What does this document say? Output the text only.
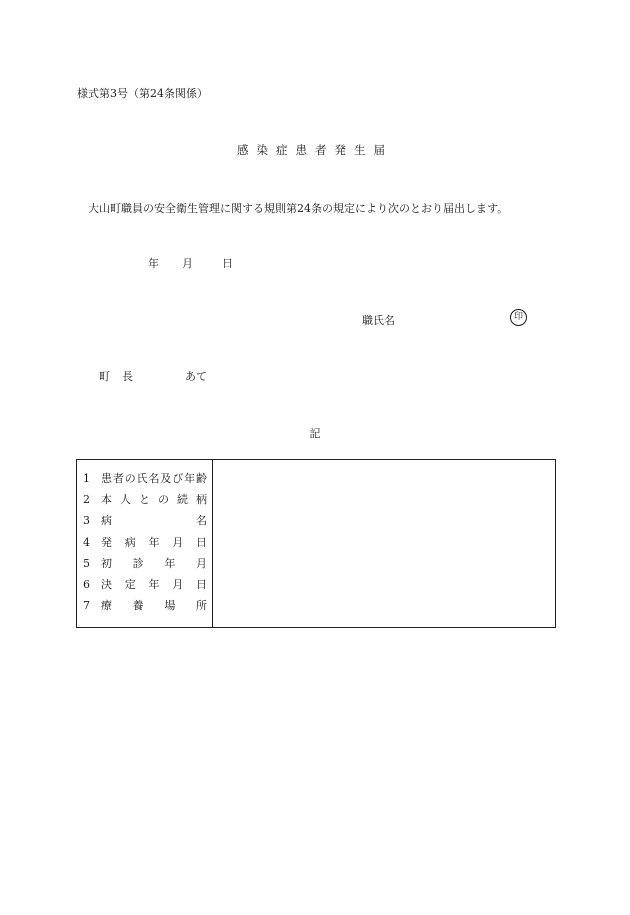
様式第3号（第24条関係）
感染症患者発生届
大山町職員の安全衛生管理に関する規則第24条の規定により次のとおり届出します。
年 月	日
職氏名	印
町長	あて
記
1 患 者 の 氏 名 及 び 年 齢
2 本 人 と の 続 柄
3 病	名
4 発 病 年 月 日
5 初 診 年 月
6 決 定 年 月 日
7 療 養 場 所
